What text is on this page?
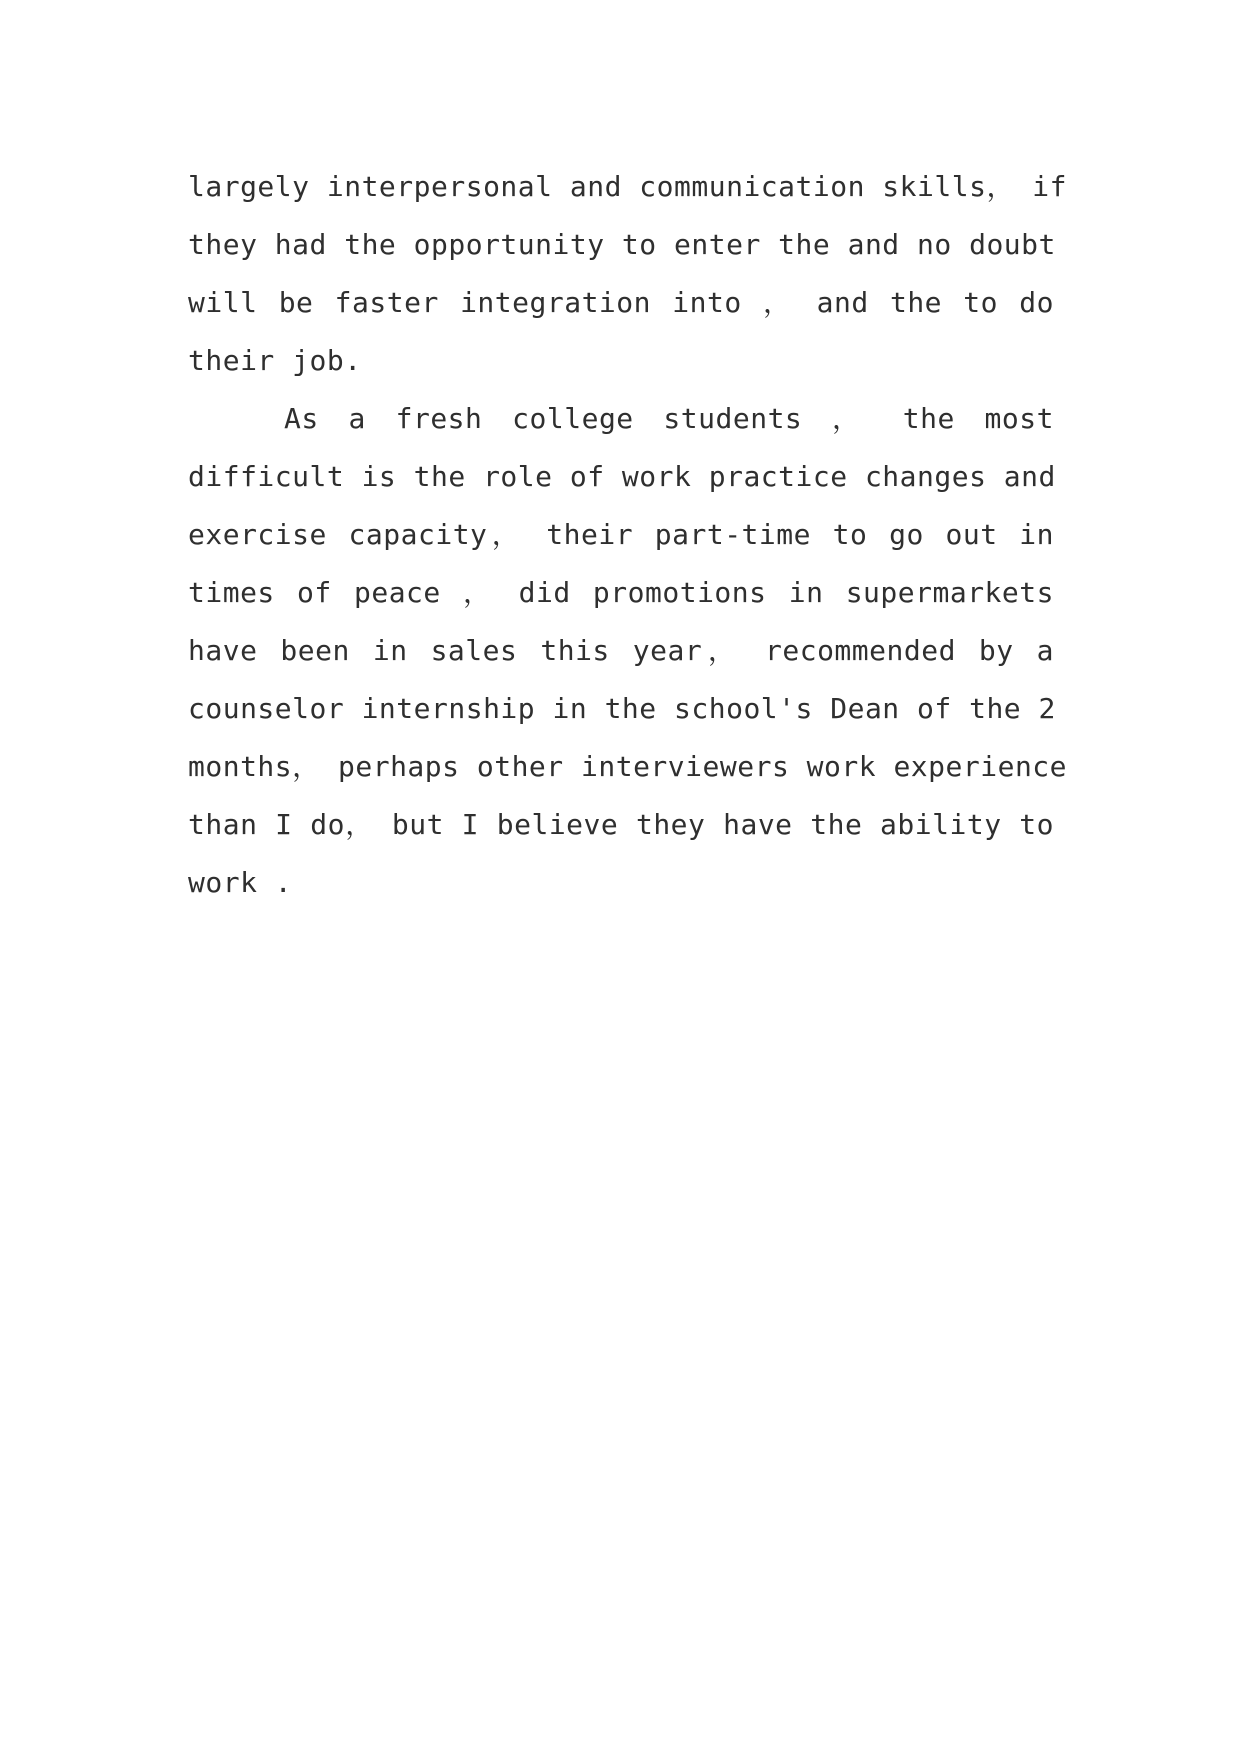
largely interpersonal and communication skills， if
they had the opportunity to enter the and no doubt
will be faster integration into ， and the to do
their job.
As a fresh college students ， the most
difficult is the role of work practice changes and
exercise capacity， their part-time to go out in
times of peace ， did promotions in supermarkets
have been in sales this year， recommended by a
counselor internship in the school's Dean of the 2
months， perhaps other interviewers work experience
than I do， but I believe they have the ability to
work .
